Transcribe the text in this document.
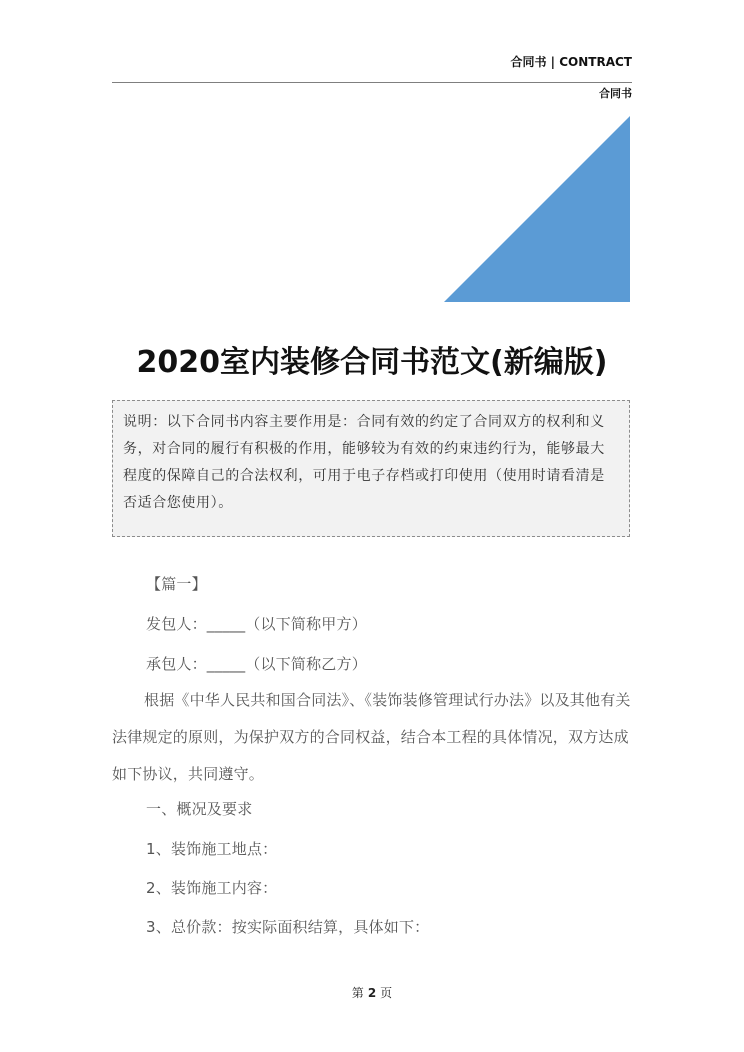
合同书 | CONTRACT
合同书
2020室内装修合同书范文(新编版)
说明：以下合同书内容主要作用是：合同有效的约定了合同双方的权利和义务，对合同的履行有积极的作用，能够较为有效的约束违约行为，能够最大程度的保障自己的合法权利，可用于电子存档或打印使用（使用时请看清是否适合您使用）。
【篇一】
发包人：_____（以下简称甲方）
承包人：_____（以下简称乙方）
根据《中华人民共和国合同法》、《装饰装修管理试行办法》以及其他有关法律规定的原则，为保护双方的合同权益，结合本工程的具体情况，双方达成如下协议，共同遵守。
一、概况及要求
1、装饰施工地点：
2、装饰施工内容：
3、总价款：按实际面积结算，具体如下：
第 2 页
